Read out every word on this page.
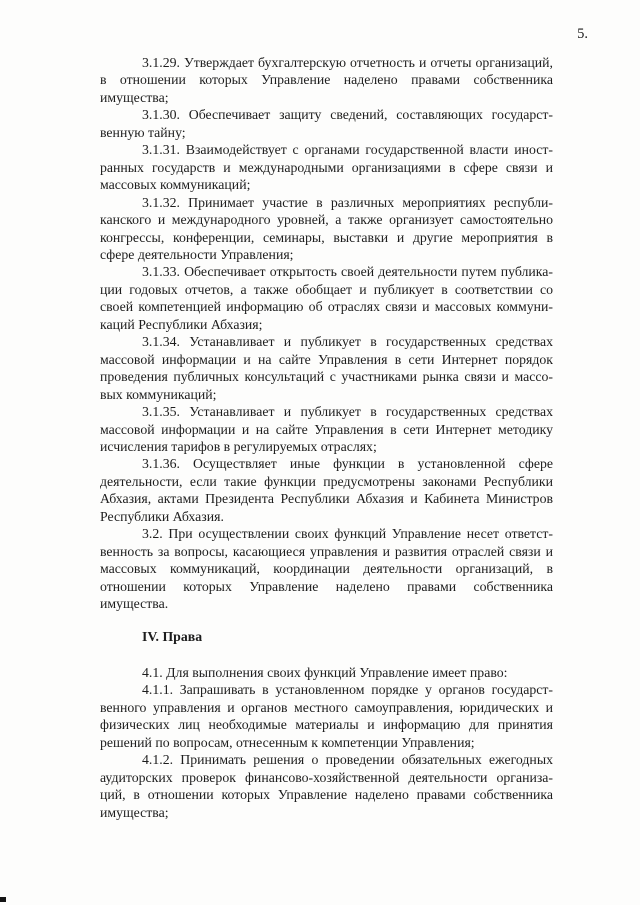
5.
3.1.29. Утверждает бухгалтерскую отчетность и отчеты организаций,
в отношении которых Управление наделено правами собственника
имущества;
3.1.30. Обеспечивает защиту сведений, составляющих государст-
венную тайну;
3.1.31. Взаимодействует с органами государственной власти иност-
ранных государств и международными организациями в сфере связи и
массовых коммуникаций;
3.1.32. Принимает участие в различных мероприятиях республи-
канского и международного уровней, а также организует самостоятельно
конгрессы, конференции, семинары, выставки и другие мероприятия в
сфере деятельности Управления;
3.1.33. Обеспечивает открытость своей деятельности путем публика-
ции годовых отчетов, а также обобщает и публикует в соответствии со
своей компетенцией информацию об отраслях связи и массовых коммуни-
каций Республики Абхазия;
3.1.34. Устанавливает и публикует в государственных средствах
массовой информации и на сайте Управления в сети Интернет порядок
проведения публичных консультаций с участниками рынка связи и массо-
вых коммуникаций;
3.1.35. Устанавливает и публикует в государственных средствах
массовой информации и на сайте Управления в сети Интернет методику
исчисления тарифов в регулируемых отраслях;
3.1.36. Осуществляет иные функции в установленной сфере
деятельности, если такие функции предусмотрены законами Республики
Абхазия, актами Президента Республики Абхазия и Кабинета Министров
Республики Абхазия.
3.2. При осуществлении своих функций Управление несет ответст-
венность за вопросы, касающиеся управления и развития отраслей связи и
массовых коммуникаций, координации деятельности организаций, в
отношении которых Управление наделено правами собственника
имущества.
IV. Права
4.1. Для выполнения своих функций Управление имеет право:
4.1.1. Запрашивать в установленном порядке у органов государст-
венного управления и органов местного самоуправления, юридических и
физических лиц необходимые материалы и информацию для принятия
решений по вопросам, отнесенным к компетенции Управления;
4.1.2. Принимать решения о проведении обязательных ежегодных
аудиторских проверок финансово-хозяйственной деятельности организа-
ций, в отношении которых Управление наделено правами собственника
имущества;
